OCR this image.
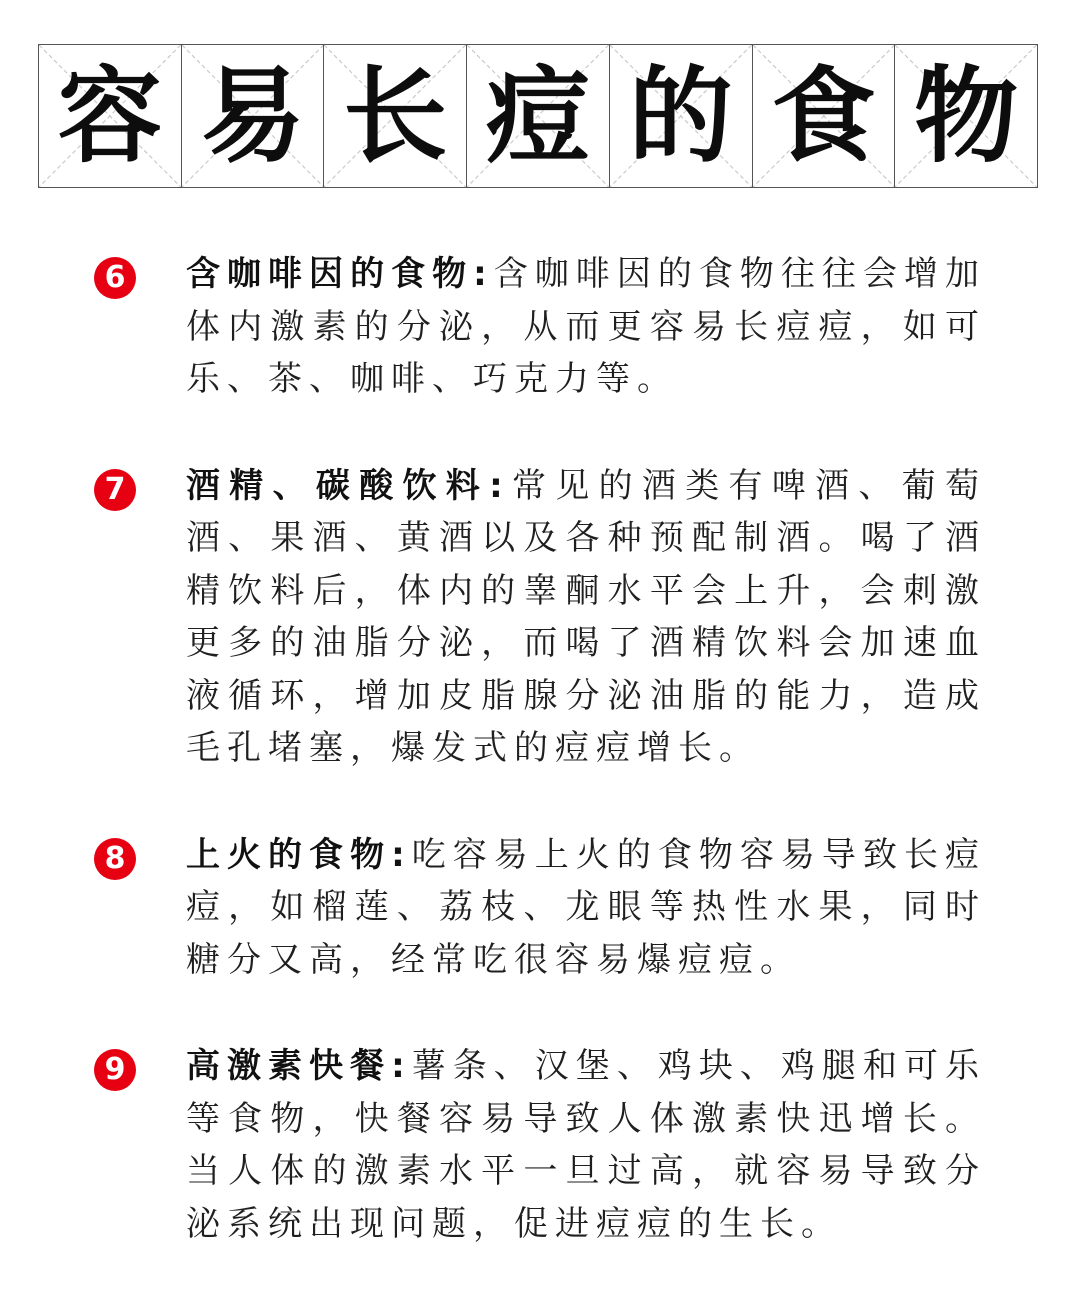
容 易 长 痘 的 食 物
6	含咖啡因的食物:含咖啡因的食物往往会增加体内激素的分泌，从而更容易长痘痘，如可乐、茶、咖啡、巧克力等。
7	酒精、碳酸饮料:常见的酒类有啤酒、葡萄酒、果酒、黄酒以及各种预配制酒。喝了酒精饮料后，体内的睾酮水平会上升，会刺激更多的油脂分泌，而喝了酒精饮料会加速血液循环，增加皮脂腺分泌油脂的能力，造成毛孔堵塞，爆发式的痘痘增长。
8	上火的食物:吃容易上火的食物容易导致长痘痘，如榴莲、荔枝、龙眼等热性水果，同时糖分又高，经常吃很容易爆痘痘。
9	高激素快餐:薯条、汉堡、鸡块、鸡腿和可乐等食物，快餐容易导致人体激素快迅增长。当人体的激素水平一旦过高，就容易导致分泌系统出现问题，促进痘痘的生长。
